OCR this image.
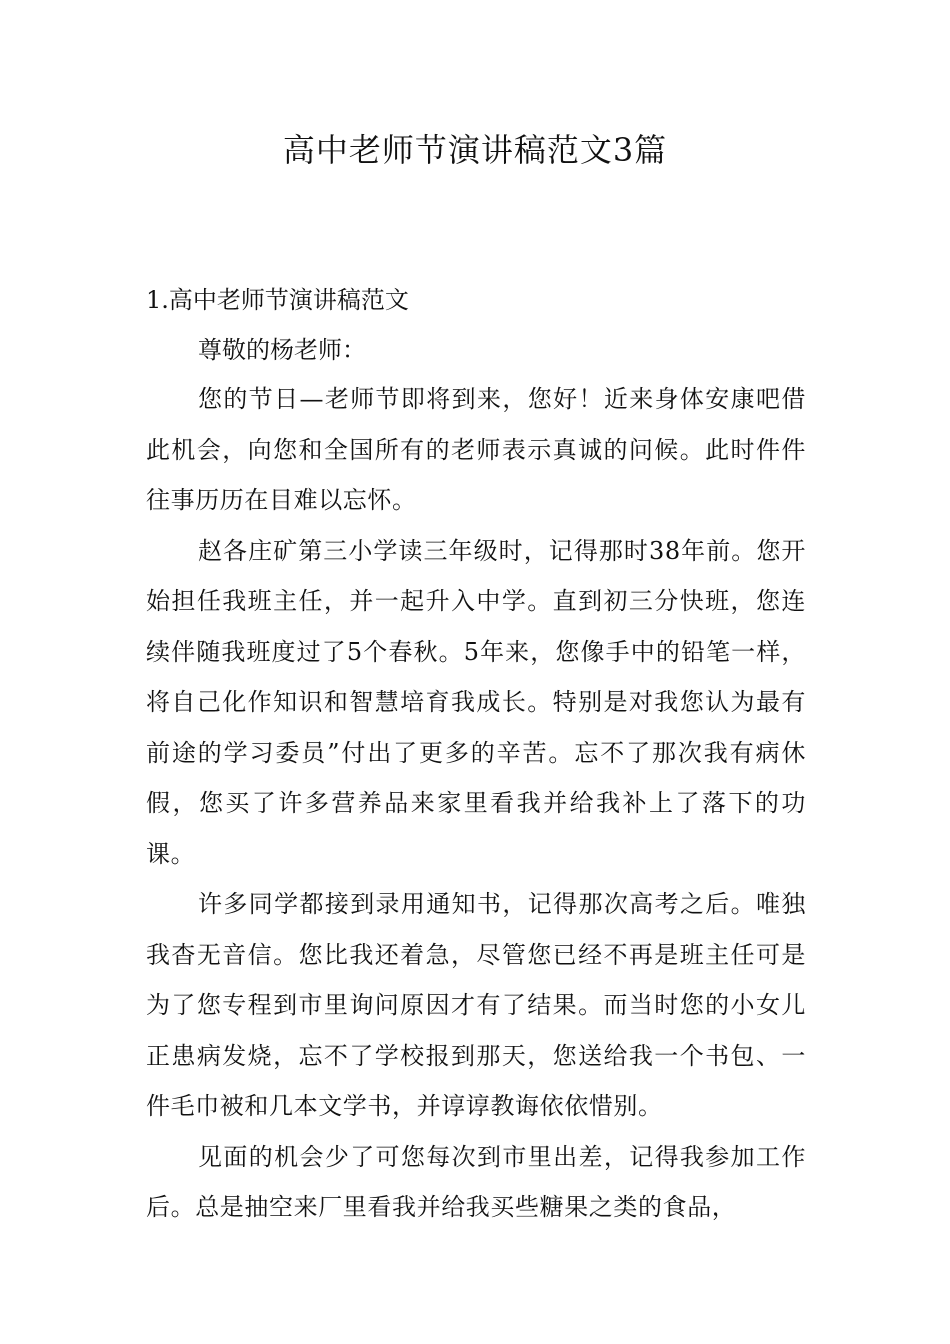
高中老师节演讲稿范文3篇
1.高中老师节演讲稿范文

尊敬的杨老师：

您的节日—老师节即将到来，您好！近来身体安康吧借此机会，向您和全国所有的老师表示真诚的问候。此时件件往事历历在目难以忘怀。

赵各庄矿第三小学读三年级时，记得那时38年前。您开始担任我班主任，并一起升入中学。直到初三分快班，您连续伴随我班度过了5个春秋。5年来，您像手中的铅笔一样，将自己化作知识和智慧培育我成长。特别是对我您认为最有前途的学习委员”付出了更多的辛苦。忘不了那次我有病休假，您买了许多营养品来家里看我并给我补上了落下的功课。

许多同学都接到录用通知书，记得那次高考之后。唯独我杳无音信。您比我还着急，尽管您已经不再是班主任可是为了您专程到市里询问原因才有了结果。而当时您的小女儿正患病发烧，忘不了学校报到那天，您送给我一个书包、一件毛巾被和几本文学书，并谆谆教诲依依惜别。

见面的机会少了可您每次到市里出差，记得我参加工作后。总是抽空来厂里看我并给我买些糖果之类的食品，
